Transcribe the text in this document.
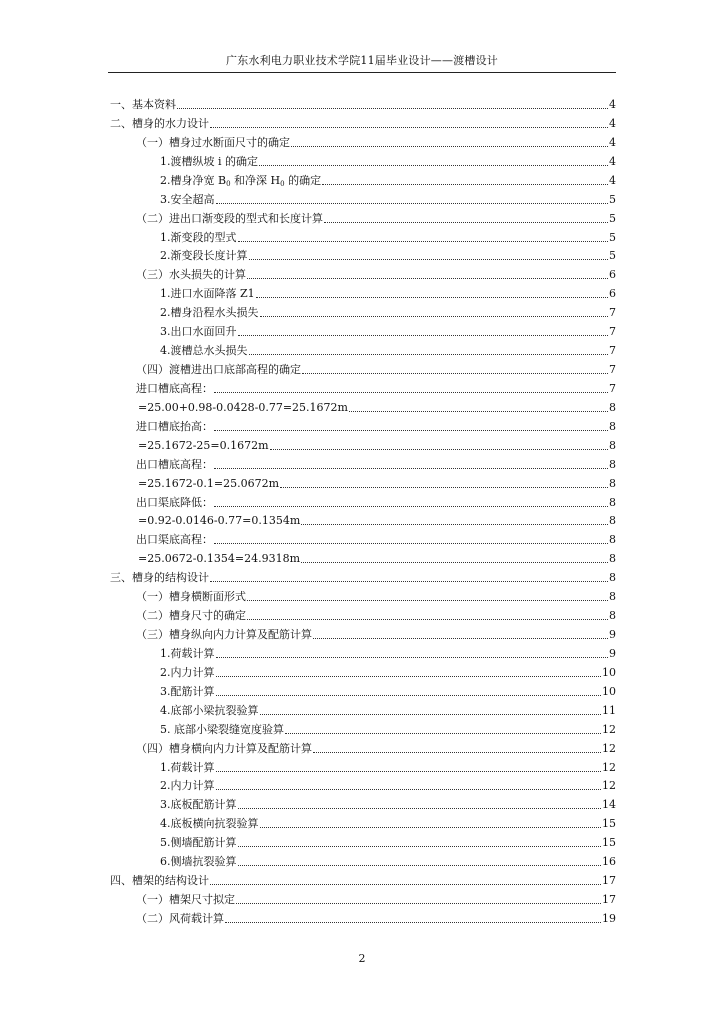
广东水利电力职业技术学院11届毕业设计——渡槽设计
一、基本资料	4
二、槽身的水力设计	4
（一）槽身过水断面尺寸的确定	4
1.渡槽纵坡 i 的确定	4
2.槽身净宽 $B_0$ 和净深 $H_0$ 的确定	4
3.安全超高	5
（二）进出口渐变段的型式和长度计算	5
1.渐变段的型式	5
2.渐变段长度计算	5
（三）水头损失的计算	6
1.进口水面降落 Z1	6
2.槽身沿程水头损失	7
3.出口水面回升	7
4.渡槽总水头损失	7
（四）渡槽进出口底部高程的确定	7
进口槽底高程：	7
=25.00+0.98-0.0428-0.77=25.1672m	8
进口槽底抬高：	8
=25.1672-25=0.1672m	8
出口槽底高程：	8
=25.1672-0.1=25.0672m	8
出口渠底降低：	8
=0.92-0.0146-0.77=0.1354m	8
出口渠底高程：	8
=25.0672-0.1354=24.9318m	8
三、槽身的结构设计	8
（一）槽身横断面形式	8
（二）槽身尺寸的确定	8
（三）槽身纵向内力计算及配筋计算	9
1.荷载计算	9
2.内力计算	10
3.配筋计算	10
4.底部小梁抗裂验算	11
5. 底部小梁裂缝宽度验算	12
（四）槽身横向内力计算及配筋计算	12
1.荷载计算	12
2.内力计算	12
3.底板配筋计算	14
4.底板横向抗裂验算	15
5.侧墙配筋计算	15
6.侧墙抗裂验算	16
四、槽架的结构设计	17
（一）槽架尺寸拟定	17
（二）风荷载计算	19
2
